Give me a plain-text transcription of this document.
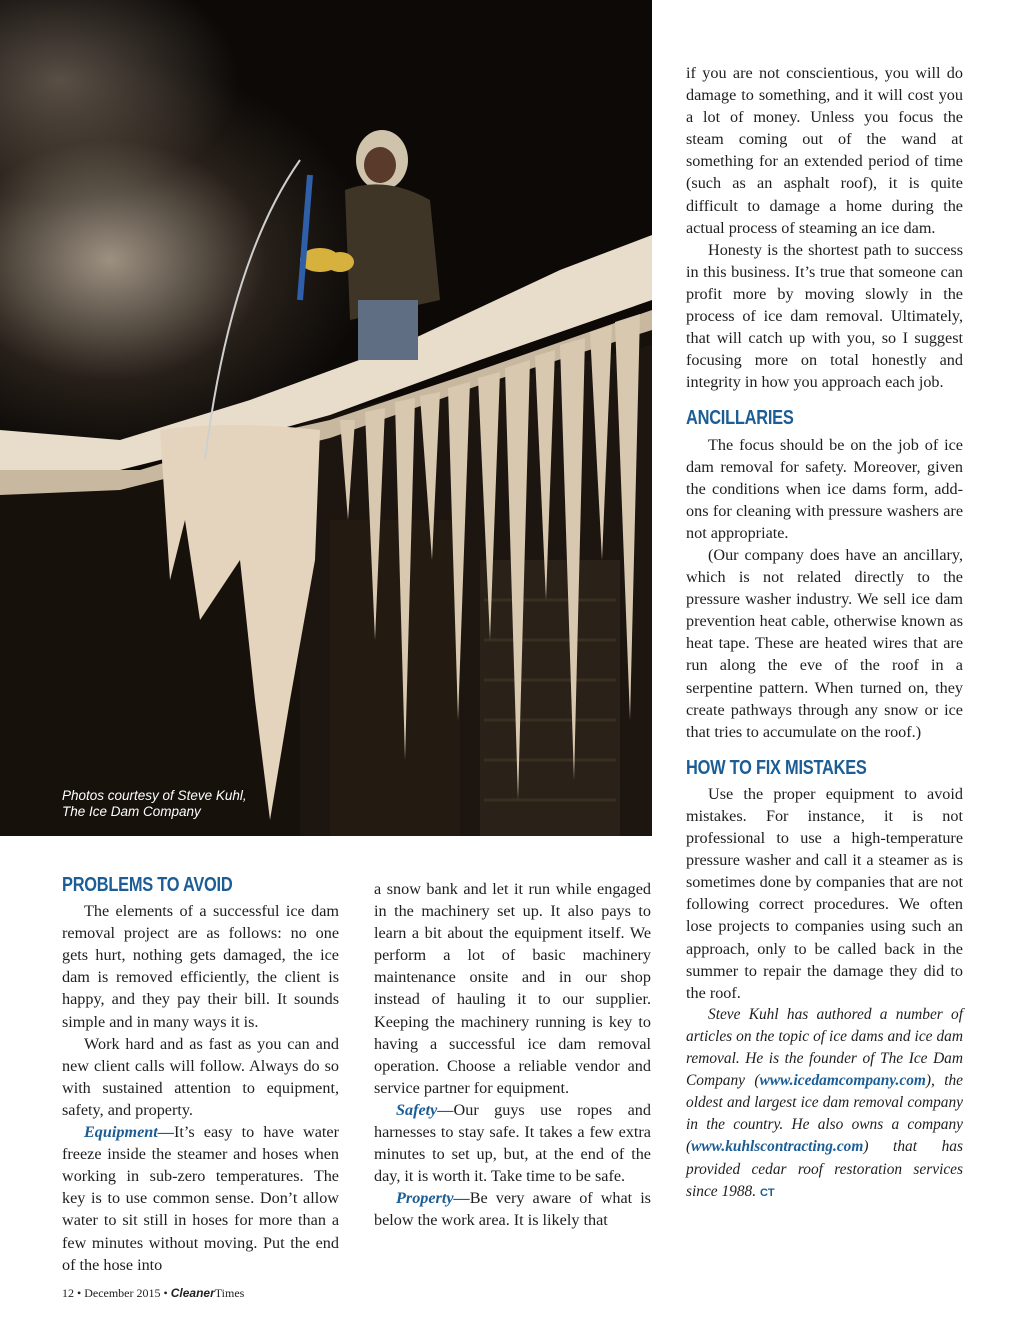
Photos courtesy of Steve Kuhl,
The Ice Dam Company

if you are not conscientious, you will do damage to something, and it will cost you a lot of money. Unless you focus the steam coming out of the wand at something for an extended period of time (such as an asphalt roof), it is quite difficult to damage a home during the actual process of steaming an ice dam.

Honesty is the shortest path to success in this business. It’s true that someone can profit more by moving slowly in the process of ice dam removal. Ultimately, that will catch up with you, so I suggest focusing more on total honestly and integrity in how you approach each job.

ANCILLARIES

The focus should be on the job of ice dam removal for safety. Moreover, given the conditions when ice dams form, add-ons for cleaning with pressure washers are not appropriate.

(Our company does have an ancillary, which is not related directly to the pressure washer industry. We sell ice dam prevention heat cable, otherwise known as heat tape. These are heated wires that are run along the eve of the roof in a serpentine pattern. When turned on, they create pathways through any snow or ice that tries to accumulate on the roof.)

HOW TO FIX MISTAKES

Use the proper equipment to avoid mistakes. For instance, it is not professional to use a high-temperature pressure washer and call it a steamer as is sometimes done by companies that are not following correct procedures. We often lose projects to companies using such an approach, only to be called back in the summer to repair the damage they did to the roof.

Steve Kuhl has authored a number of articles on the topic of ice dams and ice dam removal. He is the founder of The Ice Dam Company (www.icedamcompany.com), the oldest and largest ice dam removal company in the country. He also owns a company (www.kuhlscontracting.com) that has provided cedar roof restoration services since 1988. CT

PROBLEMS TO AVOID

The elements of a successful ice dam removal project are as follows: no one gets hurt, nothing gets damaged, the ice dam is removed efficiently, the client is happy, and they pay their bill. It sounds simple and in many ways it is.

Work hard and as fast as you can and new client calls will follow. Always do so with sustained attention to equipment, safety, and property.

Equipment—It’s easy to have water freeze inside the steamer and hoses when working in sub-zero temperatures. The key is to use common sense. Don’t allow water to sit still in hoses for more than a few minutes without moving. Put the end of the hose into

a snow bank and let it run while engaged in the machinery set up. It also pays to learn a bit about the equipment itself. We perform a lot of basic machinery maintenance onsite and in our shop instead of hauling it to our supplier. Keeping the machinery running is key to having a successful ice dam removal operation. Choose a reliable vendor and service partner for equipment.

Safety—Our guys use ropes and harnesses to stay safe. It takes a few extra minutes to set up, but, at the end of the day, it is worth it. Take time to be safe.

Property—Be very aware of what is below the work area. It is likely that

12 • December 2015 • CleanerTimes
